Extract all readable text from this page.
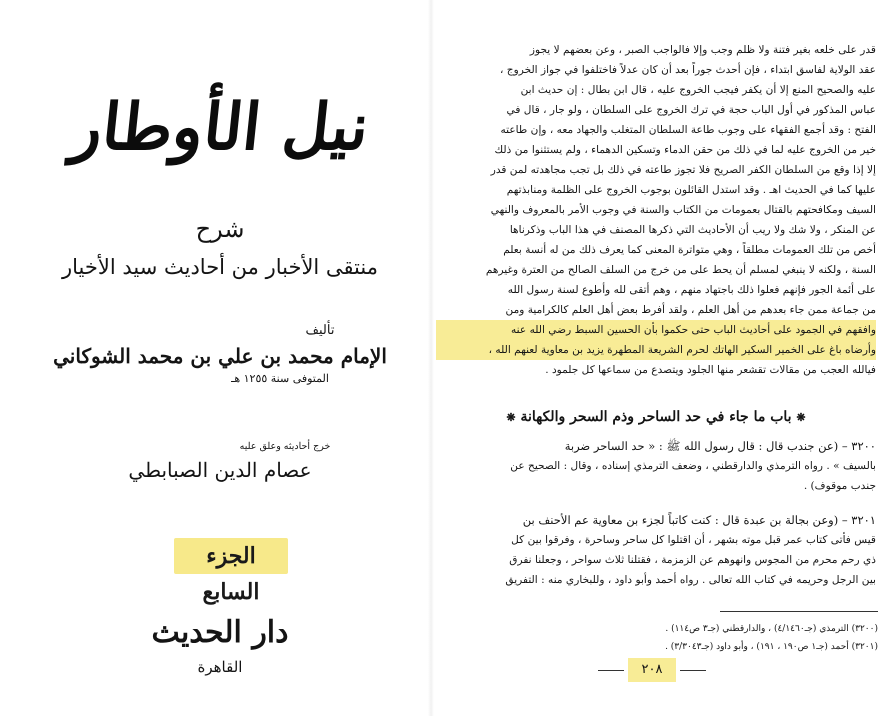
نيل الأوطار
شرح
منتقى الأخبار من أحاديث سيد الأخيار
تأليف
الإمام محمد بن علي بن محمد الشوكاني
المتوفى سنة ١٢٥٥ هـ
خرج أحاديثه وعلق عليه
عصام الدين الصبابطي
الجزء السابع
دار الحديث
القاهرة
قدر على خلعه بغير فتنة ولا ظلم وجب وإلا فالواجب الصبر ، وعن بعضهم لا يجوز
عقد الولاية لفاسق ابتداء ، فإن أحدث جوراً بعد أن كان عدلاً فاختلفوا في جواز الخروج ،
عليه والصحيح المنع إلا أن يكفر فيجب الخروج عليه ، قال ابن بطال : إن حديث ابن
عباس المذكور في أول الباب حجة في ترك الخروج على السلطان ، ولو جار ، قال في
الفتح : وقد أجمع الفقهاء على وجوب طاعة السلطان المتغلب والجهاد معه ، وإن طاعته
خير من الخروج عليه لما في ذلك من حقن الدماء وتسكين الدهماء ، ولم يستثنوا من ذلك
إلا إذا وقع من السلطان الكفر الصريح فلا تجوز طاعته في ذلك بل تجب مجاهدته لمن قدر
عليها كما في الحديث اهـ . وقد استدل القائلون بوجوب الخروج على الظلمة ومنابذتهم
السيف ومكافحتهم بالقتال بعمومات من الكتاب والسنة في وجوب الأمر بالمعروف والنهي
عن المنكر ، ولا شك ولا ريب أن الأحاديث التي ذكرها المصنف في هذا الباب وذكرناها
أخص من تلك العمومات مطلقاً ، وهي متواترة المعنى كما يعرف ذلك من له أنسة بعلم
السنة ، ولكنه لا ينبغي لمسلم أن يحط على من خرج من السلف الصالح من العترة وغيرهم
على أئمة الجور فإنهم فعلوا ذلك باجتهاد منهم ، وهم أتقى لله وأطوع لسنة رسول الله
من جماعة ممن جاء بعدهم من أهل العلم ، ولقد أفرط بعض أهل العلم كالكرامية ومن
وافقهم في الجمود على أحاديث الباب حتى حكموا بأن الحسين السبط رضي الله عنه
وأرضاه باغ على الخمير السكير الهاتك لحرم الشريعة المطهرة يزيد بن معاوية لعنهم الله ،
فيالله العجب من مقالات تقشعر منها الجلود ويتصدع من سماعها كل جلمود .
❋ باب ما جاء في حد الساحر وذم السحر والكهانة ❋
٣٢٠٠ – (عن جندب قال : قال رسول الله ﷺ : « حد الساحر ضربة
بالسيف » . رواه الترمذي والدارقطني ، وضعف الترمذي إسناده ، وقال : الصحيح عن
جندب موقوف) .
٣٢٠١ – (وعن بجالة بن عبدة قال : كنت كاتباً لجزء بن معاوية عم الأحنف بن
قيس فأتى كتاب عمر قبل موته بشهر ، أن اقتلوا كل ساحر وساحرة ، وفرقوا بين كل
ذي رحم محرم من المجوس وانهوهم عن الزمزمة ، فقتلنا ثلاث سواحر ، وجعلنا نفرق
بين الرجل وحريمه في كتاب الله تعالى . رواه أحمد وأبو داود ، وللبخاري منه : التفريق
(٣٢٠٠) الترمذي (جـ٤/١٤٦٠) ، والدارقطني (جـ٣ ص١١٤) .
(٣٢٠١) أحمد (جـ١ ص١٩٠ ، ١٩١) ، وأبو داود (جـ٣/٣٠٤٣) .
٢٠٨
